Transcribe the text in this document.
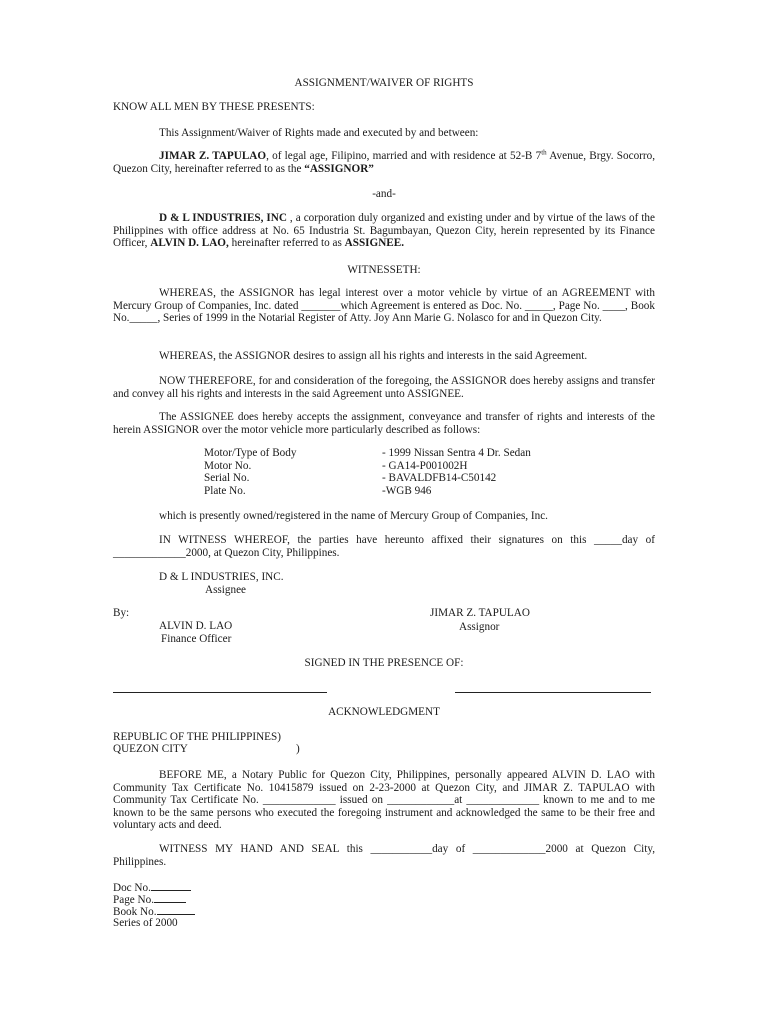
ASSIGNMENT/WAIVER OF RIGHTS
KNOW ALL MEN BY THESE PRESENTS:
This Assignment/Waiver of Rights made and executed by and between:
JIMAR Z. TAPULAO, of legal age, Filipino, married and with residence at 52-B 7th Avenue, Brgy. Socorro, Quezon City, hereinafter referred to as the “ASSIGNOR”
-and-
D & L INDUSTRIES, INC , a corporation duly organized and existing under and by virtue of the laws of the Philippines with office address at No. 65 Industria St. Bagumbayan, Quezon City, herein represented by its Finance Officer, ALVIN D. LAO, hereinafter referred to as ASSIGNEE.
WITNESSETH:
WHEREAS, the ASSIGNOR has legal interest over a motor vehicle by virtue of an AGREEMENT with Mercury Group of Companies, Inc. dated _______which Agreement is entered as Doc. No. _____, Page No. ____, Book No._____, Series of 1999 in the Notarial Register of Atty. Joy Ann Marie G. Nolasco for and in Quezon City.
WHEREAS, the ASSIGNOR desires to assign all his rights and interests in the said Agreement.
NOW THEREFORE, for and consideration of the foregoing, the ASSIGNOR does hereby assigns and transfer and convey all his rights and interests in the said Agreement unto ASSIGNEE.
The ASSIGNEE does hereby accepts the assignment, conveyance and transfer of rights and interests of the herein ASSIGNOR over the motor vehicle more particularly described as follows:
Motor/Type of Body	- 1999 Nissan Sentra 4 Dr. Sedan
Motor No.	- GA14-P001002H
Serial No.	- BAVALDFB14-C50142
Plate No.	-WGB 946
which is presently owned/registered in the name of Mercury Group of Companies, Inc.
IN WITNESS WHEREOF, the parties have hereunto affixed their signatures on this _____day of _____________2000, at Quezon City, Philippines.
D & L INDUSTRIES, INC.
Assignee
By:	JIMAR Z. TAPULAO
ALVIN D. LAO	Assignor
Finance Officer
SIGNED IN THE PRESENCE OF:
ACKNOWLEDGMENT
REPUBLIC OF THE PHILIPPINES)
QUEZON CITY	)
BEFORE ME, a Notary Public for Quezon City, Philippines, personally appeared ALVIN D. LAO with Community Tax Certificate No. 10415879 issued on 2-23-2000 at Quezon City, and JIMAR Z. TAPULAO with Community Tax Certificate No. _____________ issued on ____________at _____________ known to me and to me known to be the same persons who executed the foregoing instrument and acknowledged the same to be their free and voluntary acts and deed.
WITNESS MY HAND AND SEAL this ___________day of _____________2000 at Quezon City, Philippines.
Doc No.
Page No.
Book No.
Series of 2000
